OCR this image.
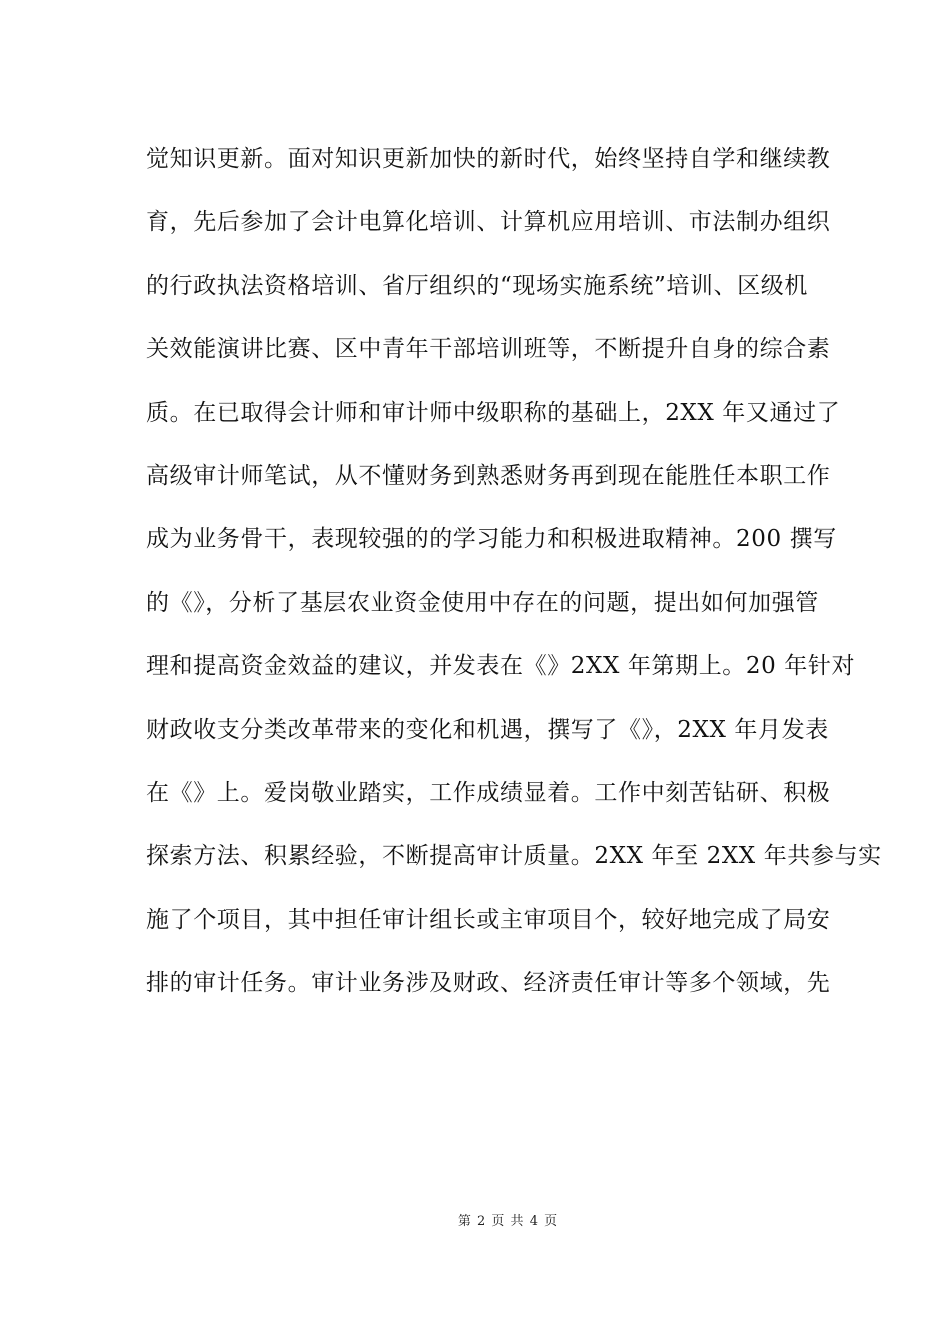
觉知识更新。面对知识更新加快的新时代，始终坚持自学和继续教
育，先后参加了会计电算化培训、计算机应用培训、市法制办组织
的行政执法资格培训、省厅组织的“现场实施系统”培训、区级机
关效能演讲比赛、区中青年干部培训班等，不断提升自身的综合素
质。在已取得会计师和审计师中级职称的基础上，2XX 年又通过了
高级审计师笔试，从不懂财务到熟悉财务再到现在能胜任本职工作
成为业务骨干，表现较强的的学习能力和积极进取精神。200 撰写
的《》，分析了基层农业资金使用中存在的问题，提出如何加强管
理和提高资金效益的建议，并发表在《》2XX 年第期上。20 年针对
财政收支分类改革带来的变化和机遇，撰写了《》，2XX 年月发表
在《》上。爱岗敬业踏实，工作成绩显着。工作中刻苦钻研、积极
探索方法、积累经验，不断提高审计质量。2XX 年至 2XX 年共参与实
施了个项目，其中担任审计组长或主审项目个，较好地完成了局安
排的审计任务。审计业务涉及财政、经济责任审计等多个领域，先
第 2 页 共 4 页
